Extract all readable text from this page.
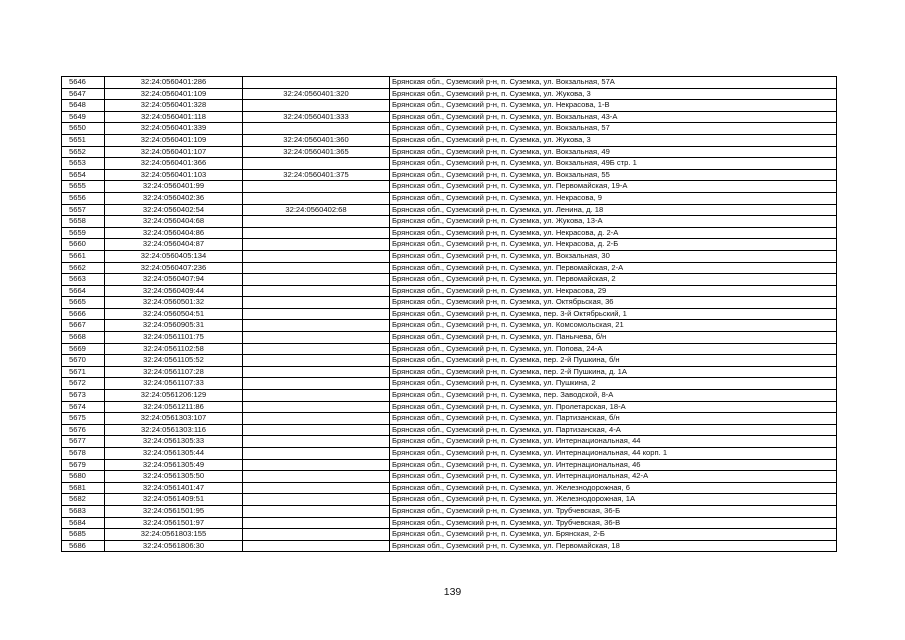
5646	32:24:0560401:286		Брянская обл., Суземский р-н, п. Суземка, ул. Вокзальная, 57А
5647	32:24:0560401:109	32:24:0560401:320	Брянская обл., Суземский р-н, п. Суземка, ул. Жукова, 3
5648	32:24:0560401:328		Брянская обл., Суземский р-н, п. Суземка, ул. Некрасова, 1-В
5649	32:24:0560401:118	32:24:0560401:333	Брянская обл., Суземский р-н, п. Суземка, ул. Вокзальная, 43-А
5650	32:24:0560401:339		Брянская обл., Суземский р-н, п. Суземка, ул. Вокзальная, 57
5651	32:24:0560401:109	32:24:0560401:360	Брянская обл., Суземский р-н, п. Суземка, ул. Жукова, 3
5652	32:24:0560401:107	32:24:0560401:365	Брянская обл., Суземский р-н, п. Суземка, ул. Вокзальная, 49
5653	32:24:0560401:366		Брянская обл., Суземский р-н, п. Суземка, ул. Вокзальная, 49Б стр. 1
5654	32:24:0560401:103	32:24:0560401:375	Брянская обл., Суземский р-н, п. Суземка, ул. Вокзальная, 55
5655	32:24:0560401:99		Брянская обл., Суземский р-н, п. Суземка, ул. Первомайская, 19-А
5656	32:24:0560402:36		Брянская обл., Суземский р-н, п. Суземка, ул. Некрасова, 9
5657	32:24:0560402:54	32:24:0560402:68	Брянская обл., Суземский р-н, п. Суземка, ул. Ленина, д. 18
5658	32:24:0560404:68		Брянская обл., Суземский р-н, п. Суземка, ул. Жукова, 13-А
5659	32:24:0560404:86		Брянская обл., Суземский р-н, п. Суземка, ул. Некрасова, д. 2-А
5660	32:24:0560404:87		Брянская обл., Суземский р-н, п. Суземка, ул. Некрасова, д. 2-Б
5661	32:24:0560405:134		Брянская обл., Суземский р-н, п. Суземка, ул. Вокзальная, 30
5662	32:24:0560407:236		Брянская обл., Суземский р-н, п. Суземка, ул. Первомайская, 2-А
5663	32:24:0560407:94		Брянская обл., Суземский р-н, п. Суземка, ул. Первомайская, 2
5664	32:24:0560409:44		Брянская обл., Суземский р-н, п. Суземка, ул. Некрасова, 29
5665	32:24:0560501:32		Брянская обл., Суземский р-н, п. Суземка, ул. Октябрьская, 36
5666	32:24:0560504:51		Брянская обл., Суземский р-н, п. Суземка, пер. 3-й Октябрьский, 1
5667	32:24:0560905:31		Брянская обл., Суземский р-н, п. Суземка, ул. Комсомольская, 21
5668	32:24:0561101:75		Брянская обл., Суземский р-н, п. Суземка, ул. Панычева, б/н
5669	32:24:0561102:58		Брянская обл., Суземский р-н, п. Суземка, ул. Попова, 24-А
5670	32:24:0561105:52		Брянская обл., Суземский р-н, п. Суземка, пер. 2-й Пушкина, б/н
5671	32:24:0561107:28		Брянская обл., Суземский р-н, п. Суземка, пер. 2-й Пушкина, д. 1А
5672	32:24:0561107:33		Брянская обл., Суземский р-н, п. Суземка, ул. Пушкина, 2
5673	32:24:0561206:129		Брянская обл., Суземский р-н, п. Суземка, пер. Заводской, 8-А
5674	32:24:0561211:86		Брянская обл., Суземский р-н, п. Суземка, ул. Пролетарская, 18-А
5675	32:24:0561303:107		Брянская обл., Суземский р-н, п. Суземка, ул. Партизанская, б/н
5676	32:24:0561303:116		Брянская обл., Суземский р-н, п. Суземка, ул. Партизанская, 4-А
5677	32:24:0561305:33		Брянская обл., Суземский р-н, п. Суземка, ул. Интернациональная, 44
5678	32:24:0561305:44		Брянская обл., Суземский р-н, п. Суземка, ул. Интернациональная, 44 корп. 1
5679	32:24:0561305:49		Брянская обл., Суземский р-н, п. Суземка, ул. Интернациональная, 46
5680	32:24:0561305:50		Брянская обл., Суземский р-н, п. Суземка, ул. Интернациональная, 42-А
5681	32:24:0561401:47		Брянская обл., Суземский р-н, п. Суземка, ул. Железнодорожная, 6
5682	32:24:0561409:51		Брянская обл., Суземский р-н, п. Суземка, ул. Железнодорожная, 1А
5683	32:24:0561501:95		Брянская обл., Суземский р-н, п. Суземка, ул. Трубчевская, 36-Б
5684	32:24:0561501:97		Брянская обл., Суземский р-н, п. Суземка, ул. Трубчевская, 36-В
5685	32:24:0561803:155		Брянская обл., Суземский р-н, п. Суземка, ул. Брянская, 2-Б
5686	32:24:0561806:30		Брянская обл., Суземский р-н, п. Суземка, ул. Первомайская, 18
139
